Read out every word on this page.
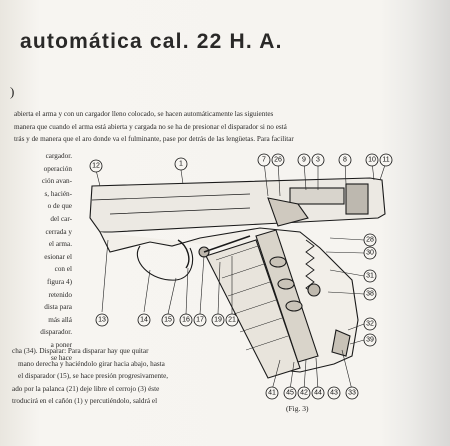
automática cal. 22 H. A.
)
abierta el arma y con un cargador lleno colocado, se hacen automáticamente las siguientes
manera que cuando el arma está abierta y cargada no se ha de presionar el disparador si no está
trás y de manera que el aro donde va el fulminante, pase por detrás de las lengüetas. Para facilitar
cargador.
operación
ción avan-
s, hacién-
o de que
del car-
cerrada y
el arma.
esionar el
con el
figura 4)
retenido
dista para
más allá
disparador.
a poner
se hace
cha (34). Disparar: Para disparar hay que quitar
mano derecha y haciéndolo girar hacia abajo, hasta
el disparador (15), se hace presión progresivamente,
ado por la palanca (21) deje libre el cerrojo (3) éste
troducirá en el cañón (1) y percutiéndolo, saldrá el
(Fig. 3)
12	1
7 26	9 3	8	10 11
28
30
31
38
32
39
13	14 15 16 17 19 21
41 45 42 44 43 33
